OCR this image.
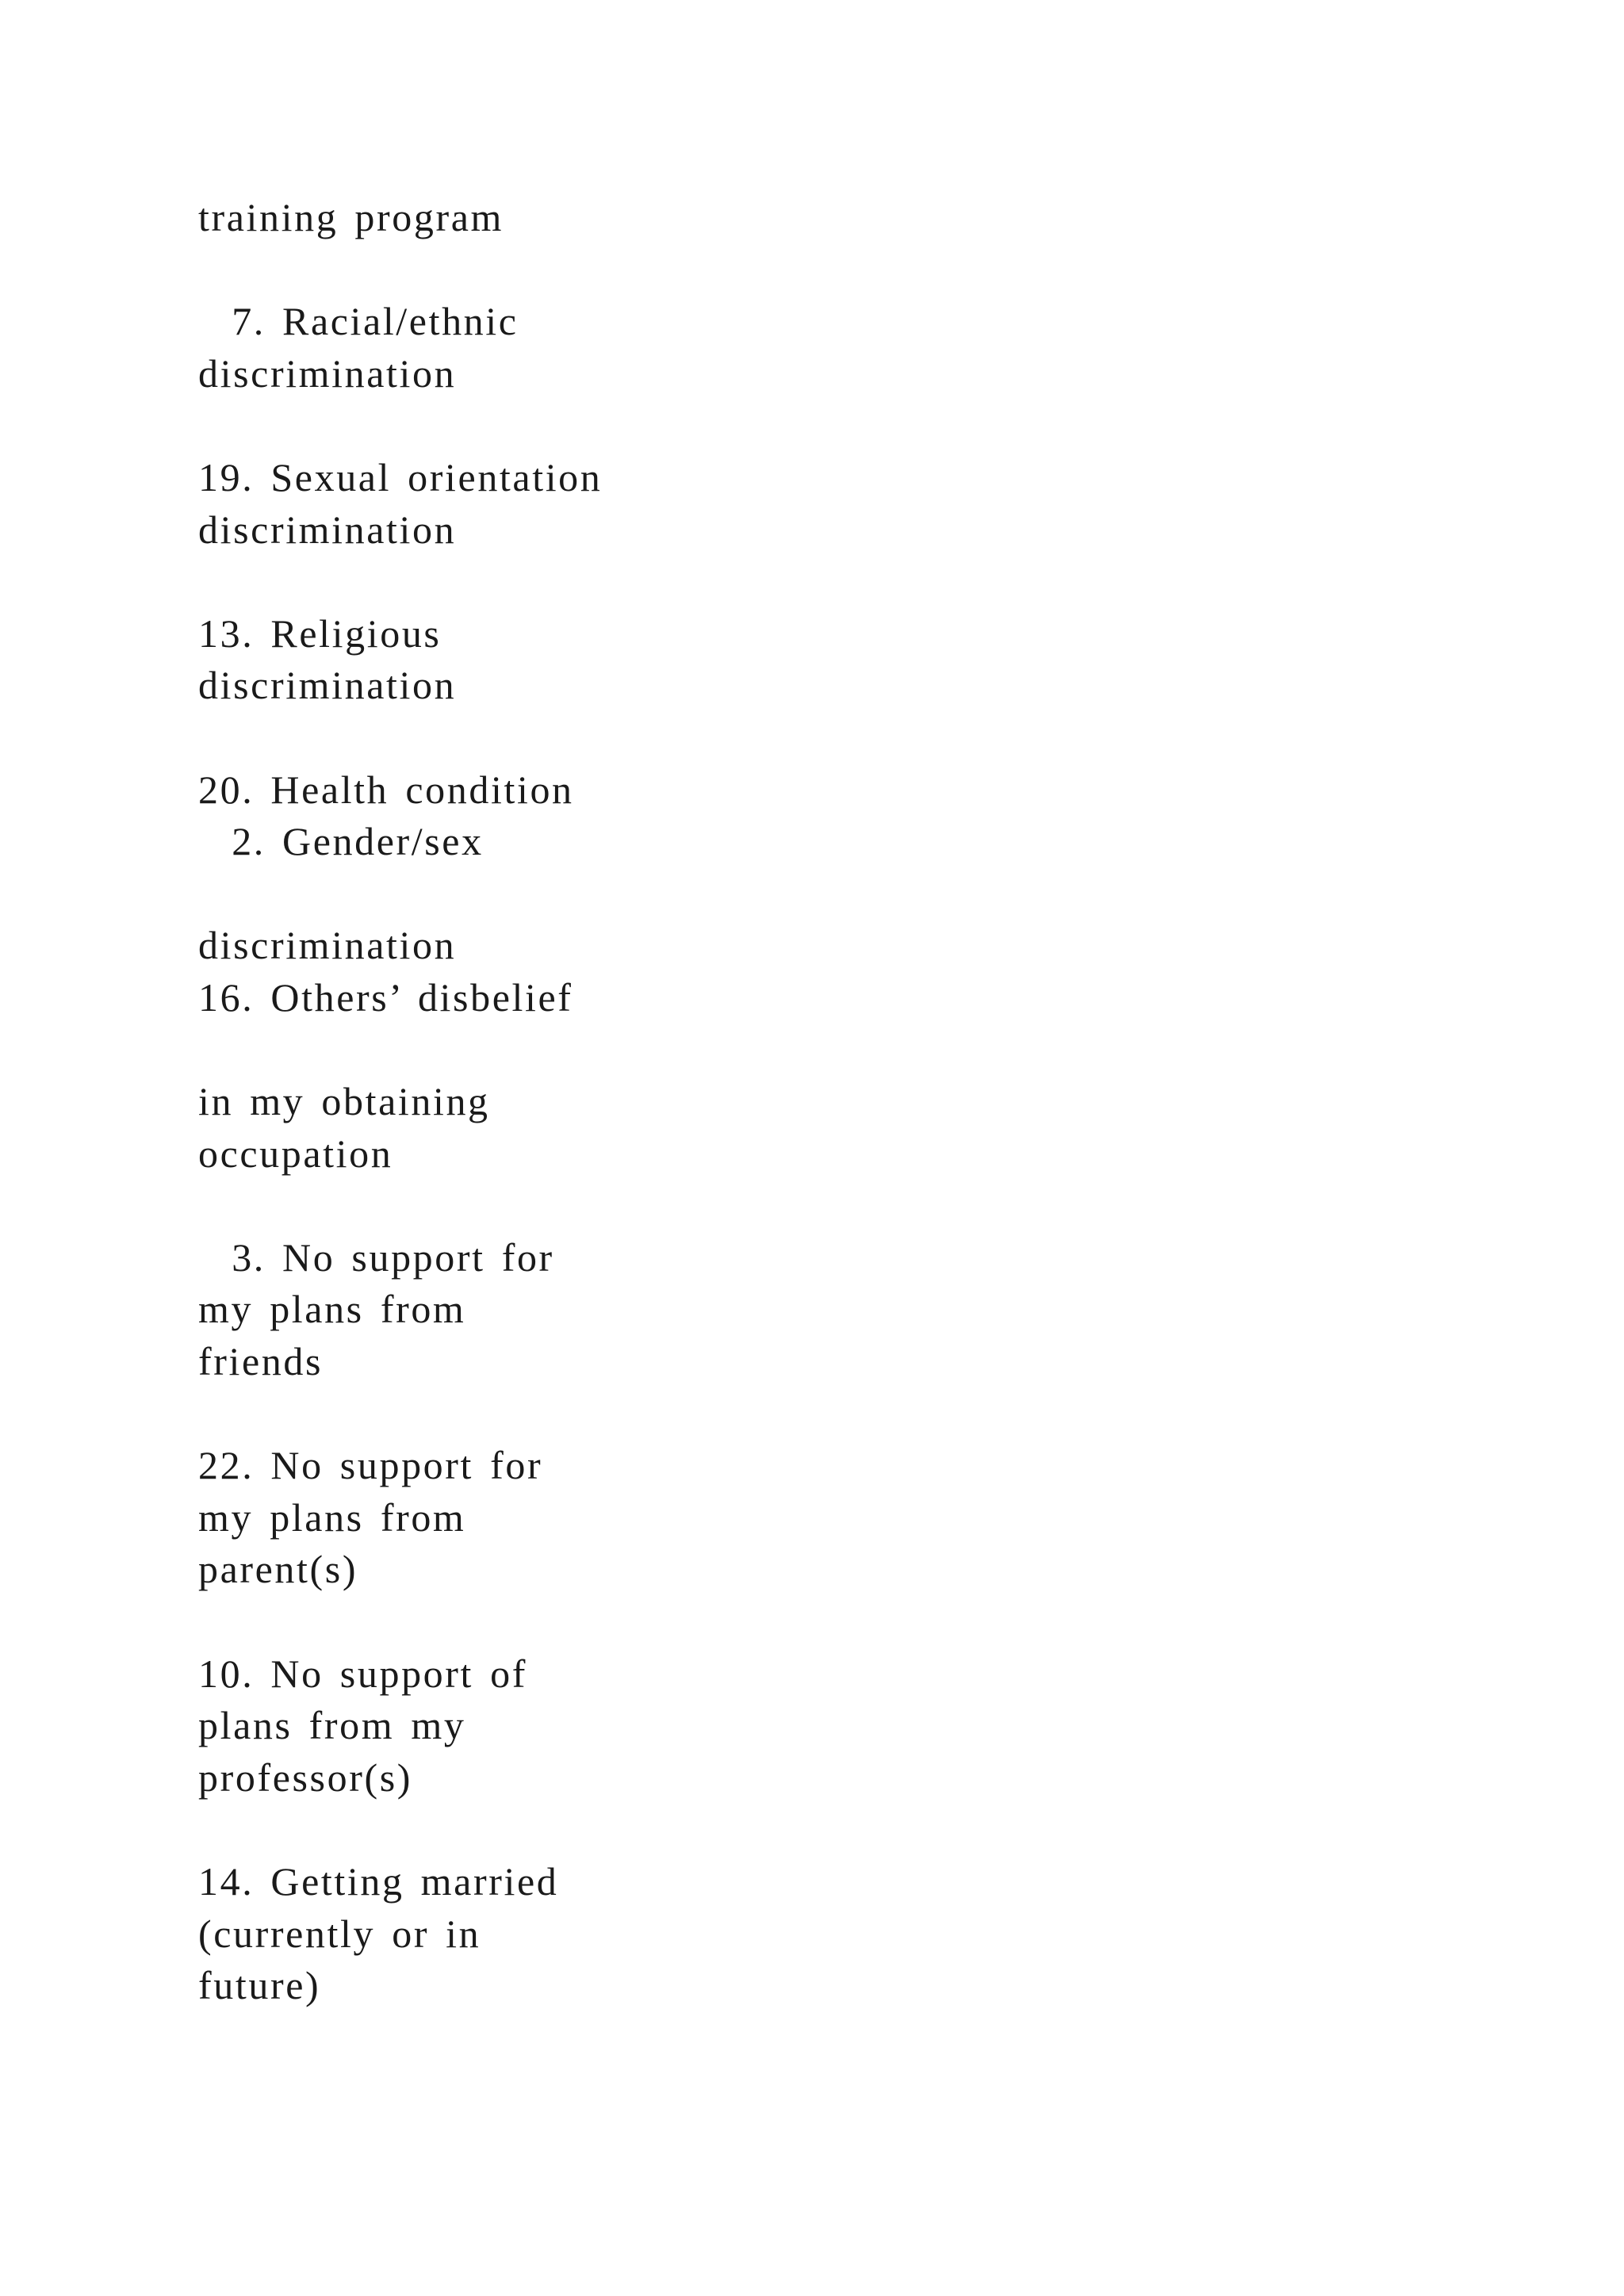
training program
7. Racial/ethnic
discrimination
19. Sexual orientation
discrimination
13. Religious
discrimination
20. Health condition
2. Gender/sex
discrimination
16. Others’ disbelief
in my obtaining
occupation
3. No support for
my plans from
friends
22. No support for
my plans from
parent(s)
10. No support of
plans from my
professor(s)
14. Getting married
(currently or in
future)
